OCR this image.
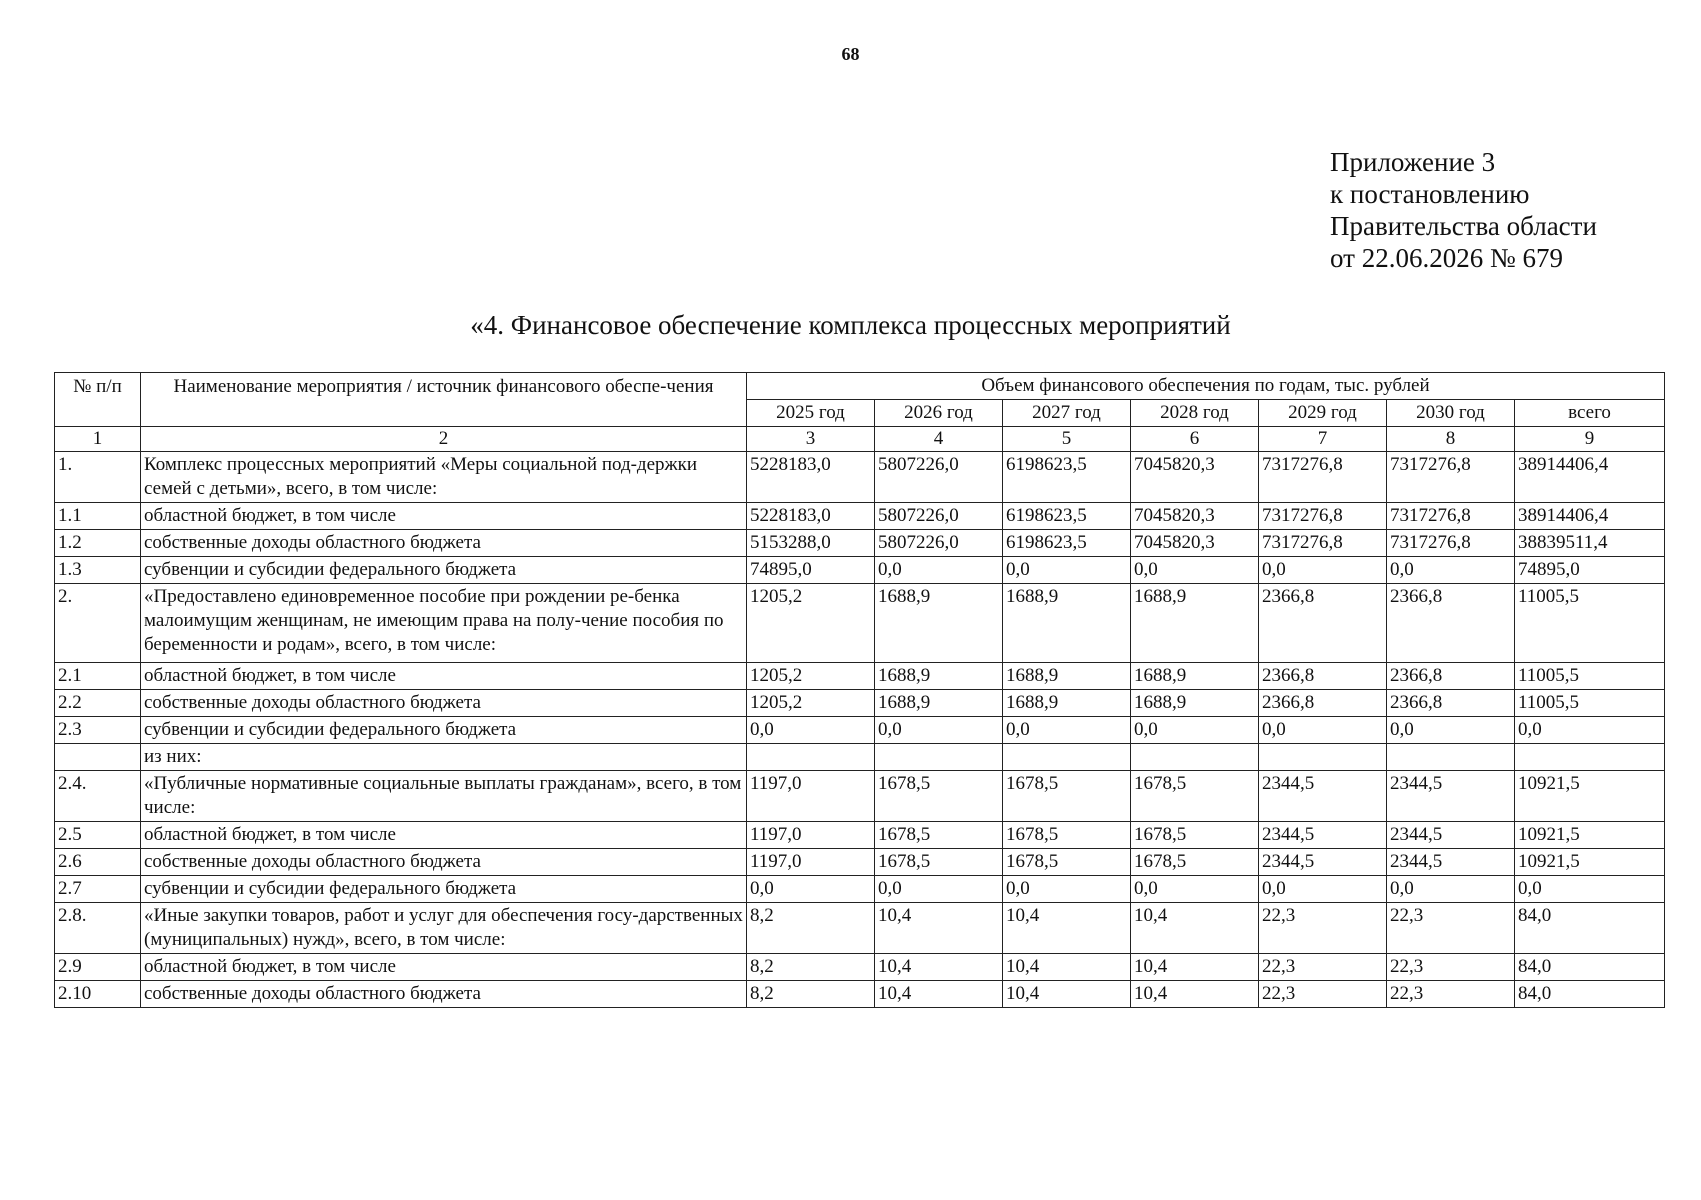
68
Приложение 3
к постановлению
Правительства области
от 22.06.2026 № 679
«4. Финансовое обеспечение комплекса процессных мероприятий
№ п/п	Наименование мероприятия / источник финансового обеспе-чения	Объем финансового обеспечения по годам, тыс. рублей						
		2025 год	2026 год	2027 год	2028 год	2029 год	2030 год	всего
1	2	3	4	5	6	7	8	9
1.	Комплекс процессных мероприятий «Меры социальной под-держки семей с детьми», всего, в том числе:	5228183,0	5807226,0	6198623,5	7045820,3	7317276,8	7317276,8	38914406,4
1.1	областной бюджет, в том числе	5228183,0	5807226,0	6198623,5	7045820,3	7317276,8	7317276,8	38914406,4
1.2	собственные доходы областного бюджета	5153288,0	5807226,0	6198623,5	7045820,3	7317276,8	7317276,8	38839511,4
1.3	субвенции и субсидии федерального бюджета	74895,0	0,0	0,0	0,0	0,0	0,0	74895,0
2.	«Предоставлено единовременное пособие при рождении ре-бенка малоимущим женщинам, не имеющим права на полу-чение пособия по беременности и родам», всего, в том числе:	1205,2	1688,9	1688,9	1688,9	2366,8	2366,8	11005,5
2.1	областной бюджет, в том числе	1205,2	1688,9	1688,9	1688,9	2366,8	2366,8	11005,5
2.2	собственные доходы областного бюджета	1205,2	1688,9	1688,9	1688,9	2366,8	2366,8	11005,5
2.3	субвенции и субсидии федерального бюджета	0,0	0,0	0,0	0,0	0,0	0,0	0,0
	из них:							
2.4.	«Публичные нормативные социальные выплаты гражданам», всего, в том числе:	1197,0	1678,5	1678,5	1678,5	2344,5	2344,5	10921,5
2.5	областной бюджет, в том числе	1197,0	1678,5	1678,5	1678,5	2344,5	2344,5	10921,5
2.6	собственные доходы областного бюджета	1197,0	1678,5	1678,5	1678,5	2344,5	2344,5	10921,5
2.7	субвенции и субсидии федерального бюджета	0,0	0,0	0,0	0,0	0,0	0,0	0,0
2.8.	«Иные закупки товаров, работ и услуг для обеспечения госу-дарственных (муниципальных) нужд», всего, в том числе:	8,2	10,4	10,4	10,4	22,3	22,3	84,0
2.9	областной бюджет, в том числе	8,2	10,4	10,4	10,4	22,3	22,3	84,0
2.10	собственные доходы областного бюджета	8,2	10,4	10,4	10,4	22,3	22,3	84,0
